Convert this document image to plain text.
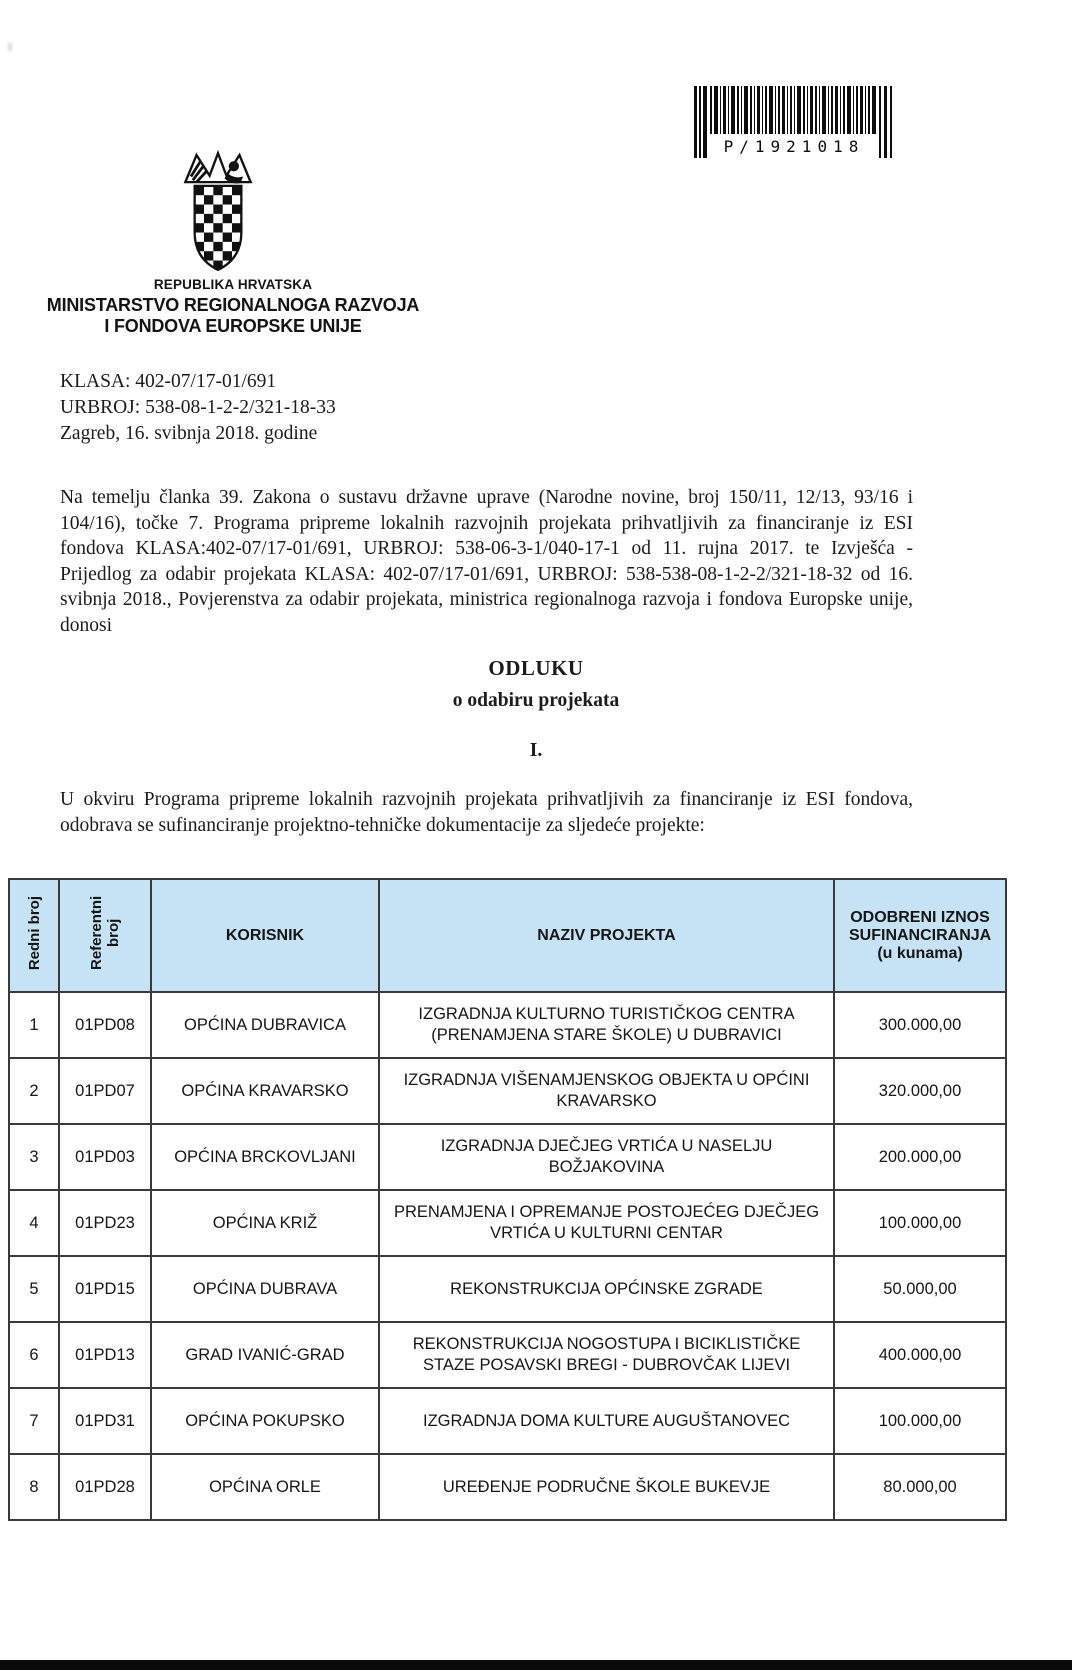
P/1921018
REPUBLIKA HRVATSKA
MINISTARSTVO REGIONALNOGA RAZVOJA
I FONDOVA EUROPSKE UNIJE
KLASA: 402-07/17-01/691
URBROJ: 538-08-1-2-2/321-18-33
Zagreb, 16. svibnja 2018. godine
Na temelju članka 39. Zakona o sustavu državne uprave (Narodne novine, broj 150/11, 12/13, 93/16 i 104/16), točke 7. Programa pripreme lokalnih razvojnih projekata prihvatljivih za financiranje iz ESI fondova KLASA:402-07/17-01/691, URBROJ: 538-06-3-1/040-17-1 od 11. rujna 2017. te Izvješća - Prijedlog za odabir projekata KLASA: 402-07/17-01/691, URBROJ: 538-538-08-1-2-2/321-18-32 od 16. svibnja 2018., Povjerenstva za odabir projekata, ministrica regionalnoga razvoja i fondova Europske unije, donosi
ODLUKU
o odabiru projekata
I.
U okviru Programa pripreme lokalnih razvojnih projekata prihvatljivih za financiranje iz ESI fondova, odobrava se sufinanciranje projektno-tehničke dokumentacije za sljedeće projekte:
Redni broj	Referentni broj	KORISNIK	NAZIV PROJEKTA	ODOBRENI IZNOS SUFINANCIRANJA (u kunama)
1	01PD08	OPĆINA DUBRAVICA	IZGRADNJA KULTURNO TURISTIČKOG CENTRA (PRENAMJENA STARE ŠKOLE) U DUBRAVICI	300.000,00
2	01PD07	OPĆINA KRAVARSKO	IZGRADNJA VIŠENAMJENSKOG OBJEKTA U OPĆINI KRAVARSKO	320.000,00
3	01PD03	OPĆINA BRCKOVLJANI	IZGRADNJA DJEČJEG VRTIĆA U NASELJU BOŽJAKOVINA	200.000,00
4	01PD23	OPĆINA KRIŽ	PRENAMJENA I OPREMANJE POSTOJEĆEG DJEČJEG VRTIĆA U KULTURNI CENTAR	100.000,00
5	01PD15	OPĆINA DUBRAVA	REKONSTRUKCIJA OPĆINSKE ZGRADE	50.000,00
6	01PD13	GRAD IVANIĆ-GRAD	REKONSTRUKCIJA NOGOSTUPA I BICIKLISTIČKE STAZE POSAVSKI BREGI - DUBROVČAK LIJEVI	400.000,00
7	01PD31	OPĆINA POKUPSKO	IZGRADNJA DOMA KULTURE AUGUŠTANOVEC	100.000,00
8	01PD28	OPĆINA ORLE	UREĐENJE PODRUČNE ŠKOLE BUKEVJE	80.000,00
